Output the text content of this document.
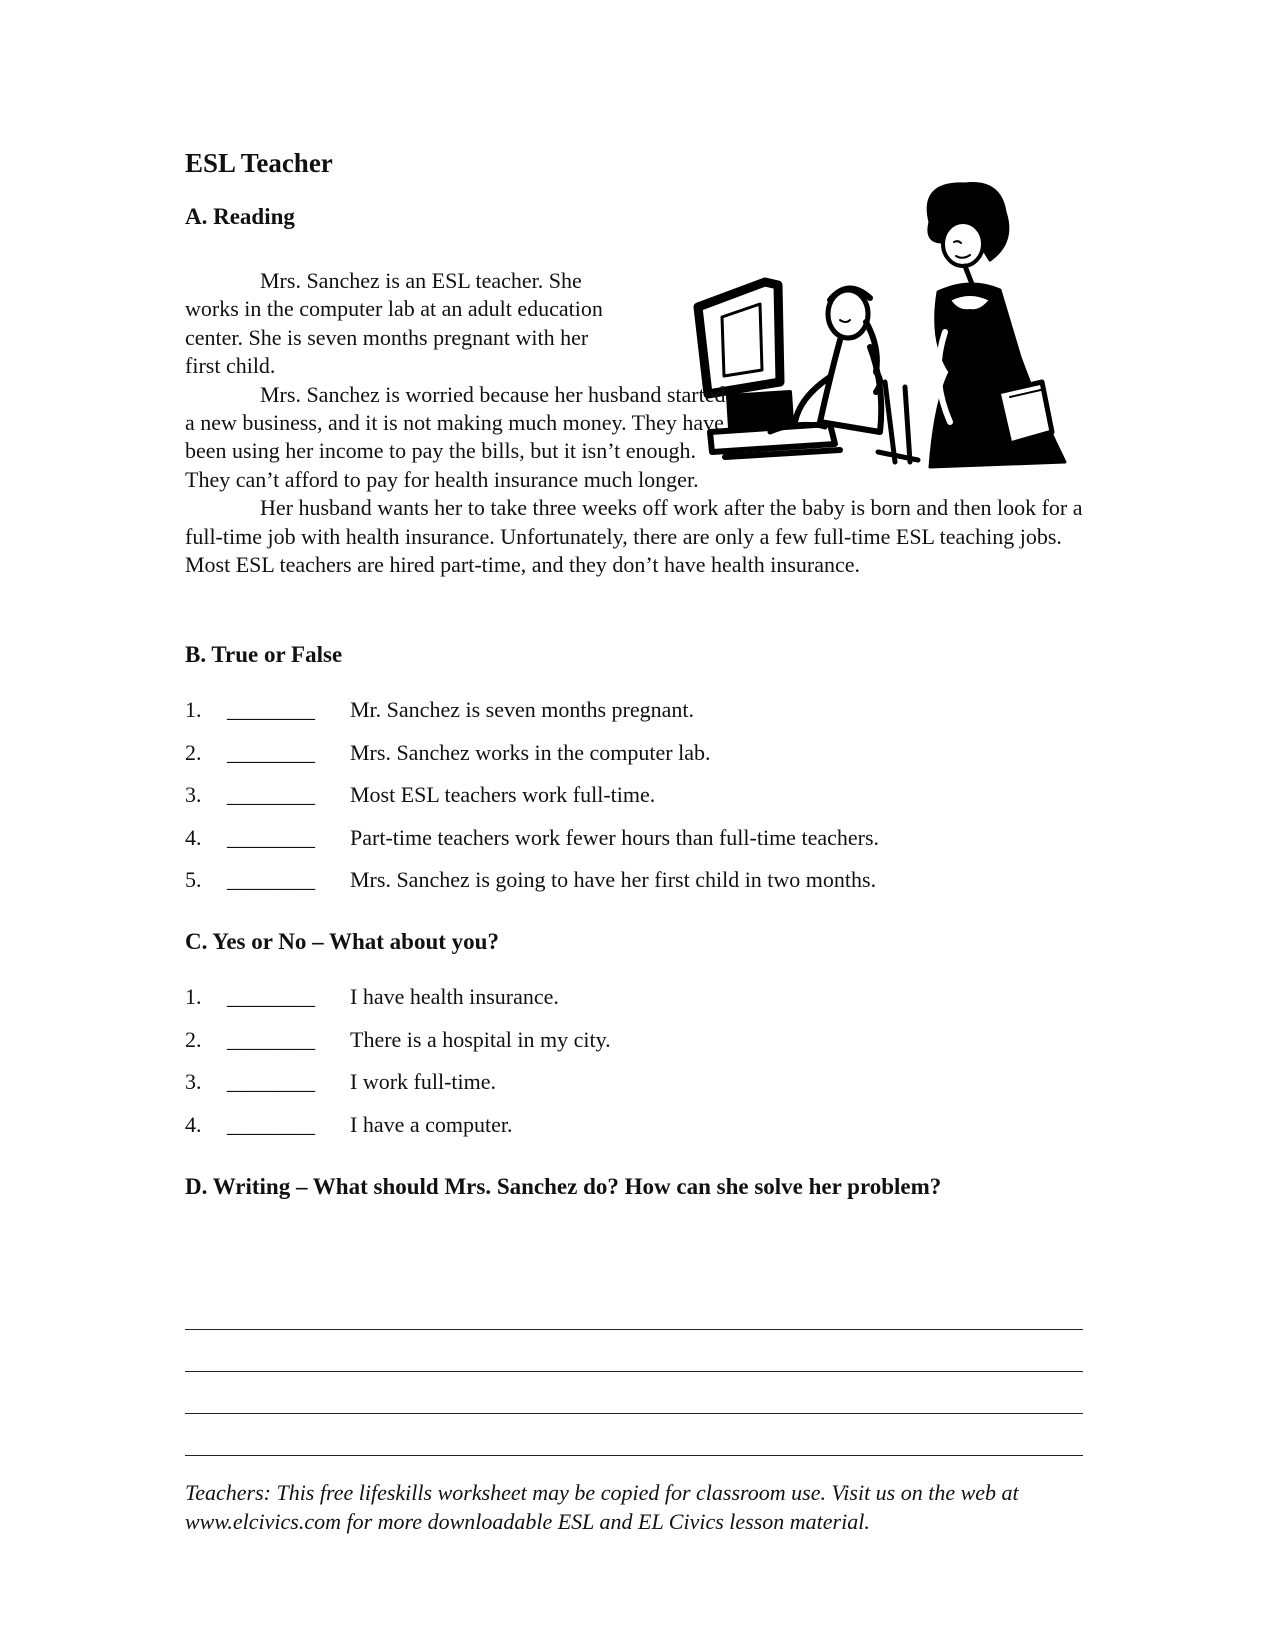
ESL Teacher
A. Reading

Mrs. Sanchez is an ESL teacher. She works in the computer lab at an adult education center. She is seven months pregnant with her first child.

Mrs. Sanchez is worried because her husband started a new business, and it is not making much money. They have been using her income to pay the bills, but it isn’t enough. They can’t afford to pay for health insurance much longer.

Her husband wants her to take three weeks off work after the baby is born and then look for a full-time job with health insurance. Unfortunately, there are only a few full-time ESL teaching jobs. Most ESL teachers are hired part-time, and they don’t have health insurance.

B. True or False
1. ________ Mr. Sanchez is seven months pregnant.
2. ________ Mrs. Sanchez works in the computer lab.
3. ________ Most ESL teachers work full-time.
4. ________ Part-time teachers work fewer hours than full-time teachers.
5. ________ Mrs. Sanchez is going to have her first child in two months.
C. Yes or No – What about you?
1. ________ I have health insurance.
2. ________ There is a hospital in my city.
3. ________ I work full-time.
4. ________ I have a computer.
D. Writing – What should Mrs. Sanchez do? How can she solve her problem?

Teachers: This free lifeskills worksheet may be copied for classroom use. Visit us on the web at www.elcivics.com for more downloadable ESL and EL Civics lesson material.
